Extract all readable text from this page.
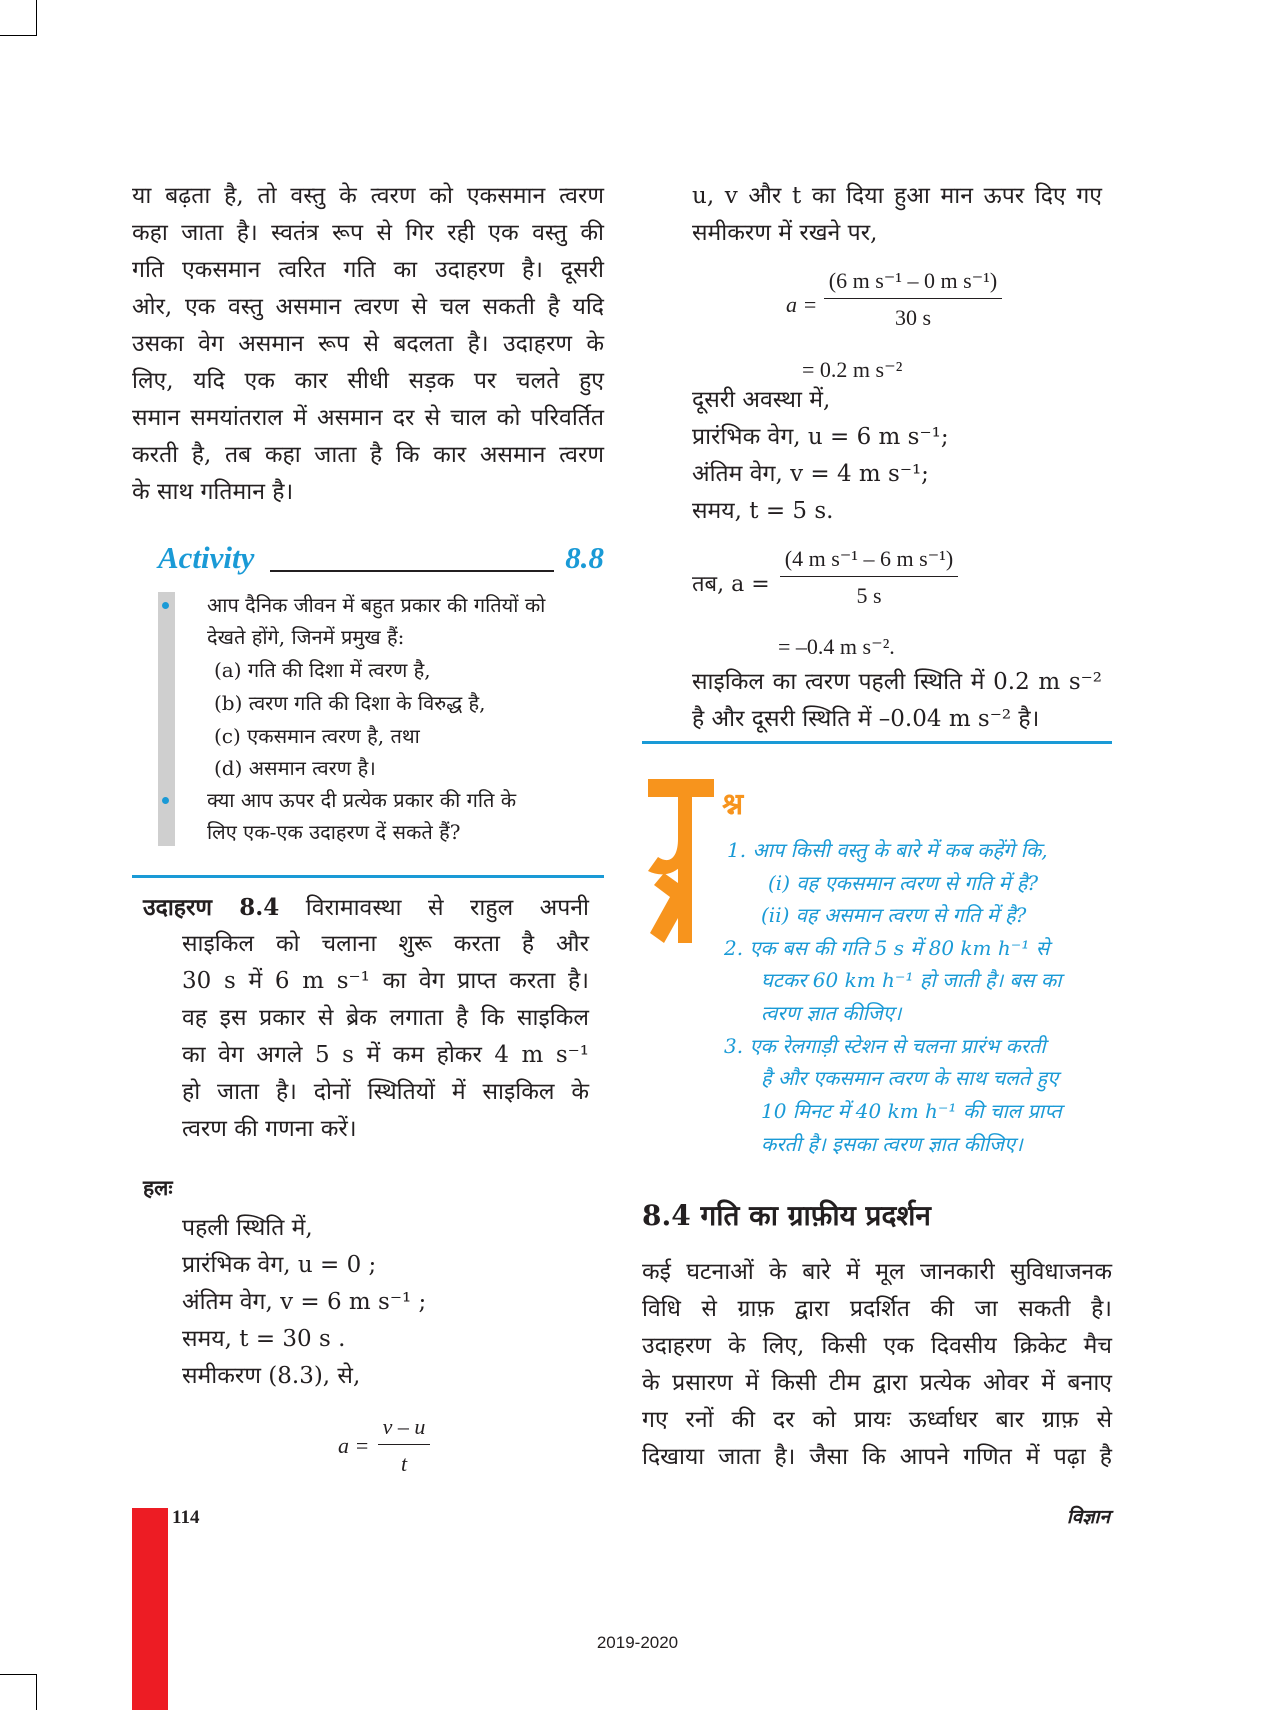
या बढ़ता है, तो वस्तु के त्वरण को एकसमान त्वरण
कहा जाता है। स्वतंत्र रूप से गिर रही एक वस्तु की
गति एकसमान त्वरित गति का उदाहरण है। दूसरी
ओर, एक वस्तु असमान त्वरण से चल सकती है यदि
उसका वेग असमान रूप से बदलता है। उदाहरण के
लिए, यदि एक कार सीधी सड़क पर चलते हुए
समान समयांतराल में असमान दर से चाल को परिवर्तित
करती है, तब कहा जाता है कि कार असमान त्वरण
के साथ गतिमान है।
Activity	8.8
आप दैनिक जीवन में बहुत प्रकार की गतियों को
देखते होंगे, जिनमें प्रमुख हैं:
(a) गति की दिशा में त्वरण है,
(b) त्वरण गति की दिशा के विरुद्ध है,
(c) एकसमान त्वरण है, तथा
(d) असमान त्वरण है।
क्या आप ऊपर दी प्रत्येक प्रकार की गति के
लिए एक-एक उदाहरण दें सकते हैं?
उदाहरण 8.4 विरामावस्था से राहुल अपनी
साइकिल को चलाना शुरू करता है और
30 s में 6 m s⁻¹ का वेग प्राप्त करता है।
वह इस प्रकार से ब्रेक लगाता है कि साइकिल
का वेग अगले 5 s में कम होकर 4 m s⁻¹
हो जाता है। दोनों स्थितियों में साइकिल के
त्वरण की गणना करें।
हलः
पहली स्थिति में,
प्रारंभिक वेग, u = 0 ;
अंतिम वेग, v = 6 m s⁻¹ ;
समय, t = 30 s .
समीकरण (8.3), से,
$a = \frac{v - u}{t}$
u, v और t का दिया हुआ मान ऊपर दिए गए
समीकरण में रखने पर,
$a = \frac{\text{(6 m s⁻¹ – 0 m s⁻¹)}}{30 s}$
= 0.2 m s⁻²
दूसरी अवस्था में,
प्रारंभिक वेग, u = 6 m s⁻¹;
अंतिम वेग, v = 4 m s⁻¹;
समय, t = 5 s.
तब, $a = \frac{\text{(4 m s⁻¹ – 6 m s⁻¹)}}{5 s}$
= –0.4 m s⁻².
साइकिल का त्वरण पहली स्थिति में 0.2 m s⁻²
है और दूसरी स्थिति में –0.04 m s⁻² है।
श्न
1. आप किसी वस्तु के बारे में कब कहेंगे कि,
(i) वह एकसमान त्वरण से गति में है?
(ii) वह असमान त्वरण से गति में है?
2. एक बस की गति 5 s में 80 km h⁻¹ से
घटकर 60 km h⁻¹ हो जाती है। बस का
त्वरण ज्ञात कीजिए।
3. एक रेलगाड़ी स्टेशन से चलना प्रारंभ करती
है और एकसमान त्वरण के साथ चलते हुए
10 मिनट में 40 km h⁻¹ की चाल प्राप्त
करती है। इसका त्वरण ज्ञात कीजिए।
8.4 गति का ग्राफ़ीय प्रदर्शन
कई घटनाओं के बारे में मूल जानकारी सुविधाजनक
विधि से ग्राफ़ द्वारा प्रदर्शित की जा सकती है।
उदाहरण के लिए, किसी एक दिवसीय क्रिकेट मैच
के प्रसारण में किसी टीम द्वारा प्रत्येक ओवर में बनाए
गए रनों की दर को प्रायः ऊर्ध्वाधर बार ग्राफ़ से
दिखाया जाता है। जैसा कि आपने गणित में पढ़ा है
114	विज्ञान
2019-2020
